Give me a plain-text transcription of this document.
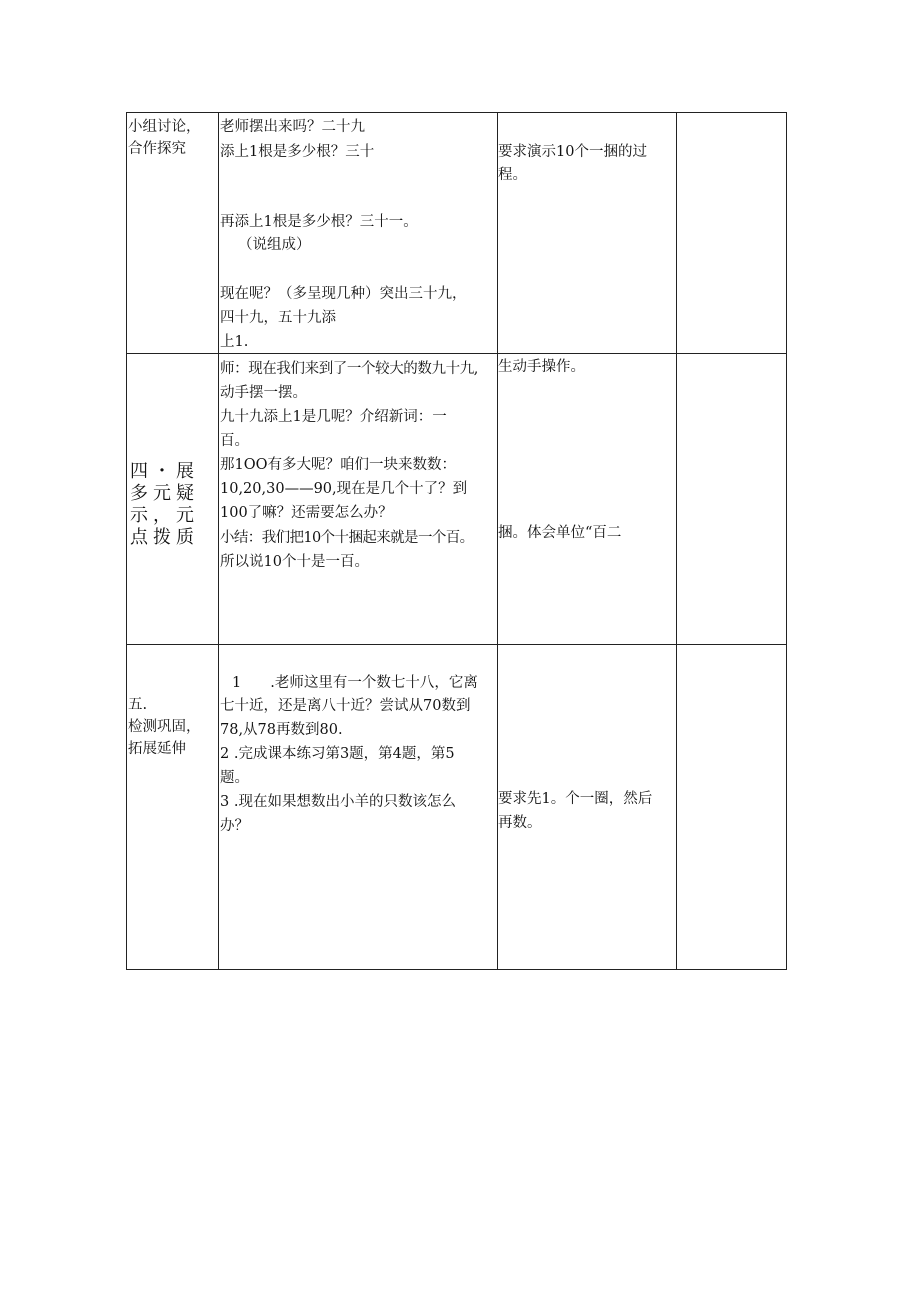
小组讨论，
合作探究
老师摆出来吗？二十九
添上1根是多少根？三十
再添上1根是多少根？三十一。
（说组成）
现在呢？（多呈现几种）突出三十九，
四十九，五十九添
上1.
要求演示10个一捆的过
程。
四・展
多元疑
示，元
点拨质
师：现在我们来到了一个较大的数九十九,
动手摆一摆。
九十九添上1是几呢？介绍新词：一
百。
那1OO有多大呢？咱们一块来数数：
10,20,30——90,现在是几个十了？到
100了嘛？还需要怎么办？
小结：我们把10个十捆起来就是一个百。
所以说10个十是一百。
生动手操作。
捆。体会单位“百二
五.
检测巩固，
拓展延伸
1　　.老师这里有一个数七十八，它离
七十近，还是离八十近？尝试从70数到
78,从78再数到80.
2 .完成课本练习第3题，第4题，第5
题。
3 .现在如果想数出小羊的只数该怎么
办？
要求先1。个一圈，然后
再数。
